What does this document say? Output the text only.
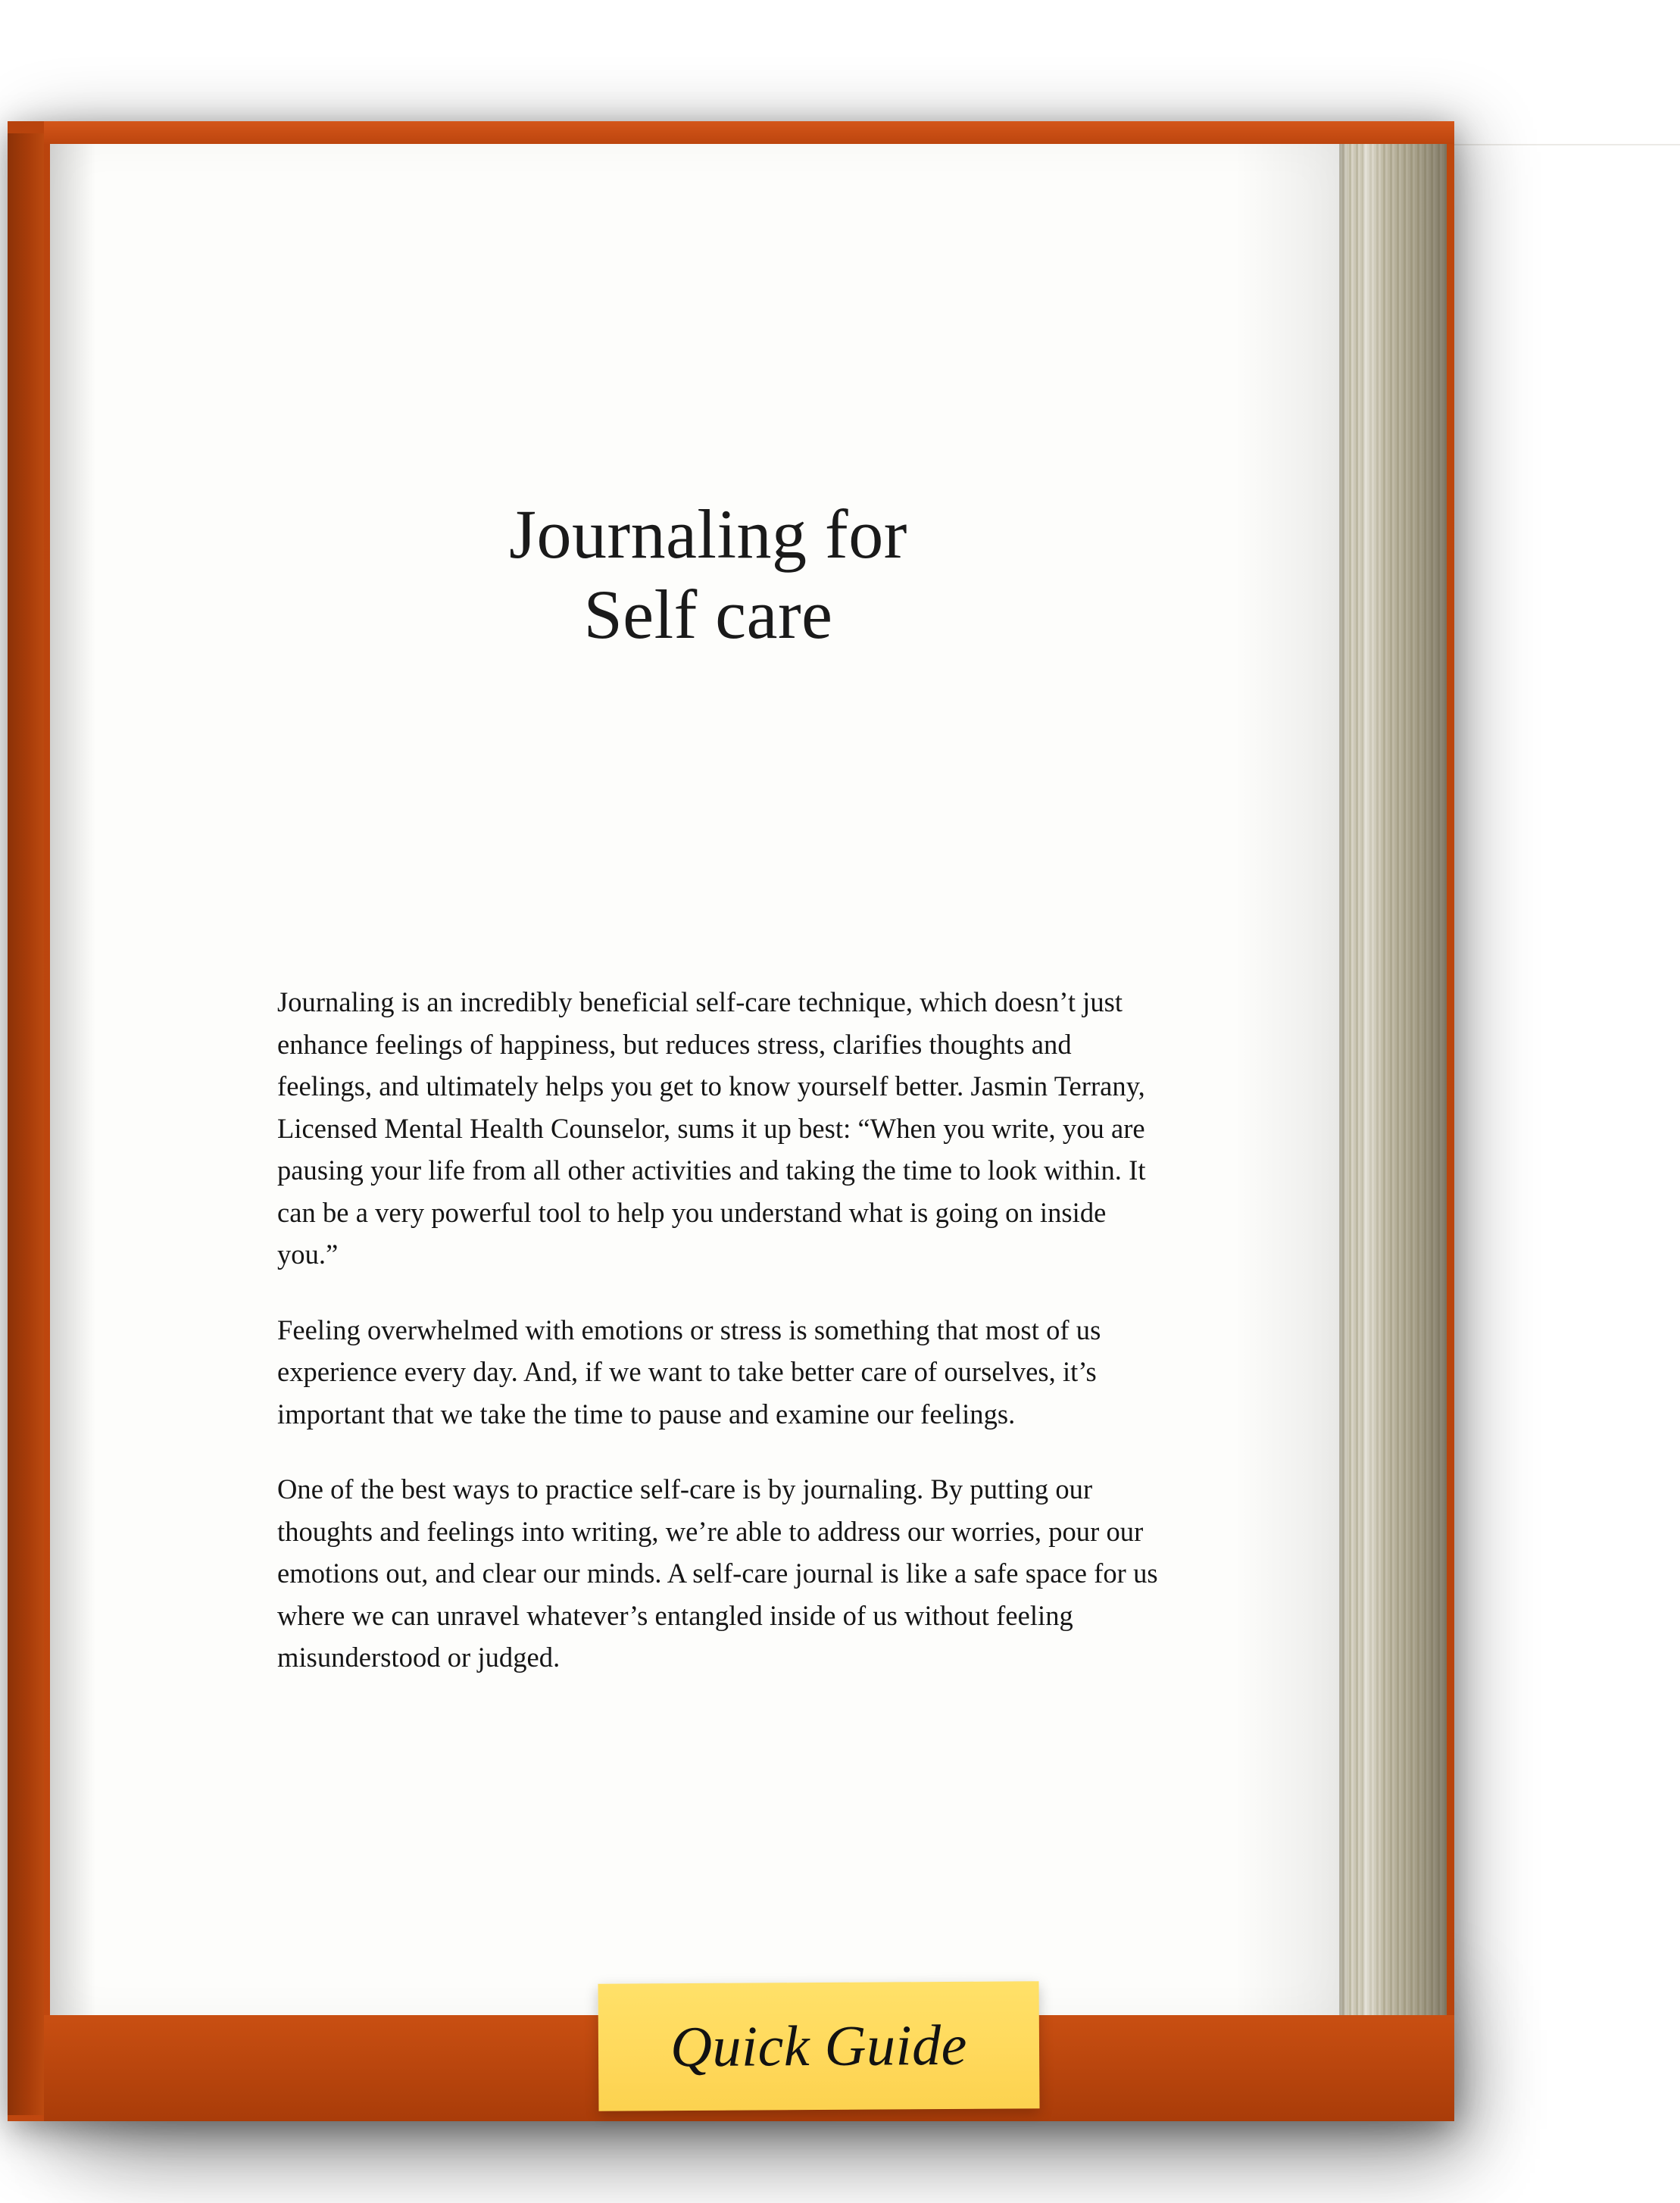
Journaling for
Self care

Journaling is an incredibly beneficial self-care technique, which doesn’t just enhance feelings of happiness, but reduces stress, clarifies thoughts and feelings, and ultimately helps you get to know yourself better. Jasmin Terrany, Licensed Mental Health Counselor, sums it up best: “When you write, you are pausing your life from all other activities and taking the time to look within. It can be a very powerful tool to help you understand what is going on inside you.”

Feeling overwhelmed with emotions or stress is something that most of us experience every day. And, if we want to take better care of ourselves, it’s important that we take the time to pause and examine our feelings.

One of the best ways to practice self-care is by journaling. By putting our thoughts and feelings into writing, we’re able to address our worries, pour our emotions out, and clear our minds. A self-care journal is like a safe space for us where we can unravel whatever’s entangled inside of us without feeling misunderstood or judged.

Quick Guide
